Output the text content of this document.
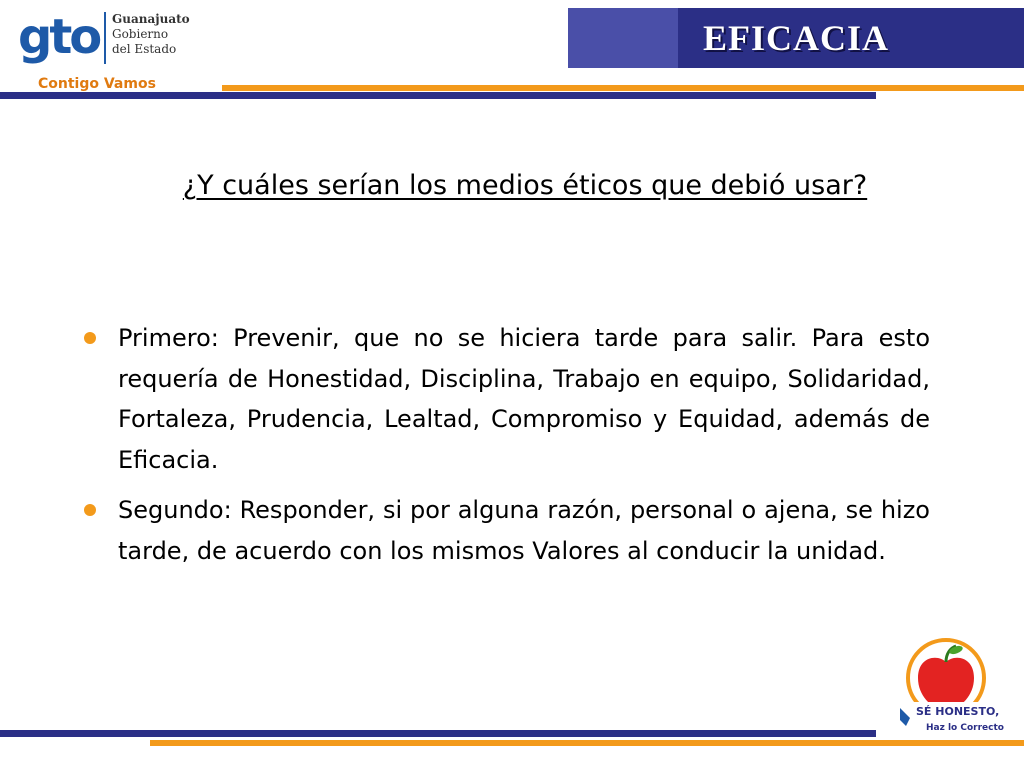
gto Guanajuato
Gobierno
del Estado
Contigo Vamos
EFICACIA
¿Y cuáles serían los medios éticos que debió usar?
Primero: Prevenir, que no se hiciera tarde para salir. Para esto requería de Honestidad, Disciplina, Trabajo en equipo, Solidaridad, Fortaleza, Prudencia, Lealtad, Compromiso y Equidad, además de Eficacia.
Segundo: Responder, si por alguna razón, personal o ajena, se hizo tarde, de acuerdo con los mismos Valores al conducir la unidad.
SÉ HONESTO,
Haz lo Correcto
